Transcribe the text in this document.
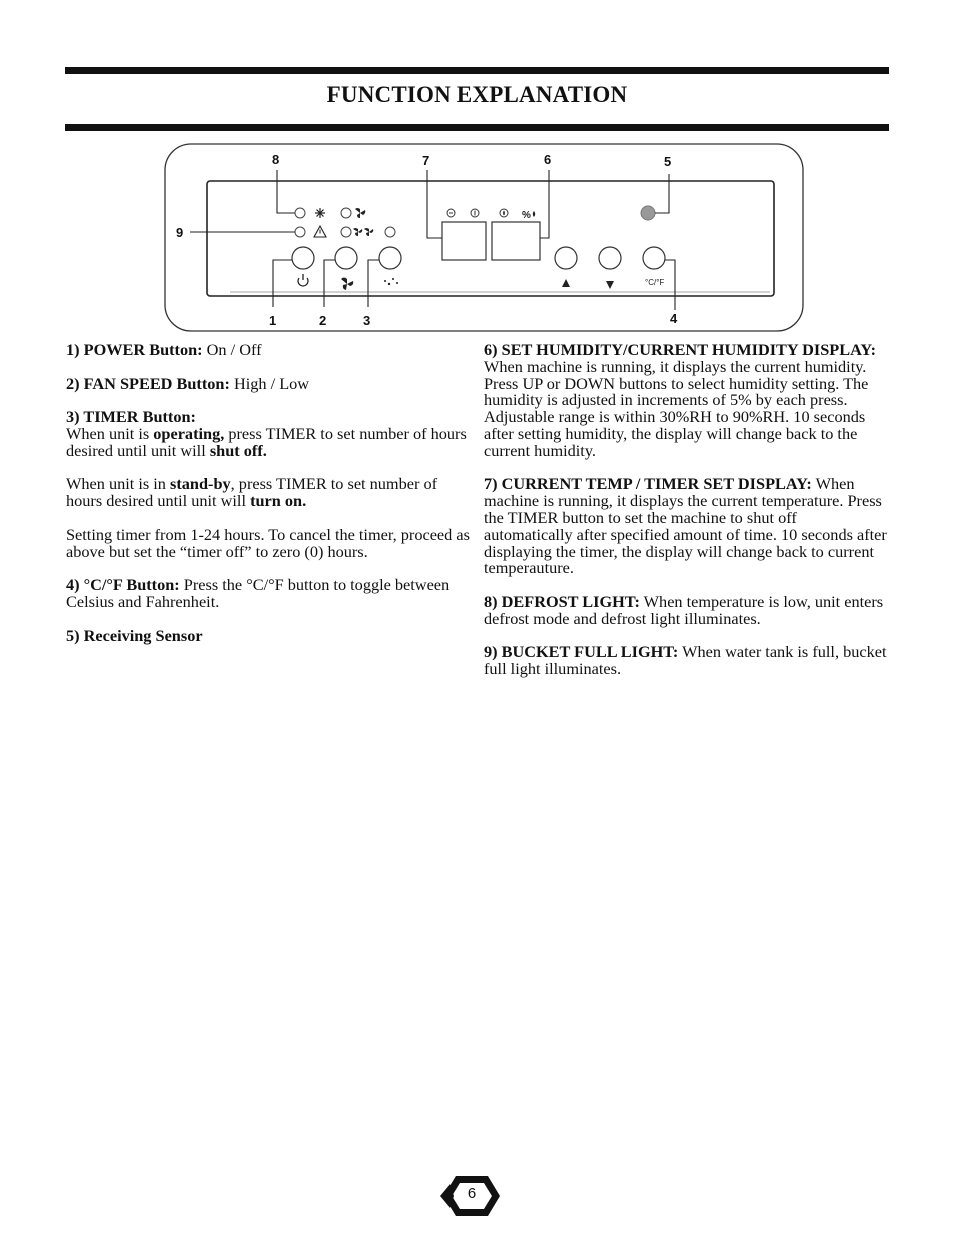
FUNCTION EXPLANATION
%
°C/°F
8	7	6	5
9
1	2	3	4

1) POWER Button: On / Off

2) FAN SPEED Button: High / Low

3) TIMER Button:
When unit is operating, press TIMER to set number of hours desired until unit will shut off.

When unit is in stand-by, press TIMER to set number of hours desired until unit will turn on.

Setting timer from 1-24 hours. To cancel the timer, proceed as above but set the “timer off” to zero (0) hours.

4) °C/°F Button: Press the °C/°F button to toggle between Celsius and Fahrenheit.

5) Receiving Sensor

6) SET HUMIDITY/CURRENT HUMIDITY DISPLAY: When machine is running, it displays the current humidity. Press UP or DOWN buttons to select humidity setting. The humidity is adjusted in increments of 5% by each press. Adjustable range is within 30%RH to 90%RH. 10 seconds after setting humidity, the display will change back to the current humidity.

7) CURRENT TEMP / TIMER SET DISPLAY: When machine is running, it displays the current temperature. Press the TIMER button to set the machine to shut off automatically after specified amount of time. 10 seconds after displaying the timer, the display will change back to current temperauture.

8) DEFROST LIGHT: When temperature is low, unit enters defrost mode and defrost light illuminates.

9) BUCKET FULL LIGHT: When water tank is full, bucket full light illuminates.

6
